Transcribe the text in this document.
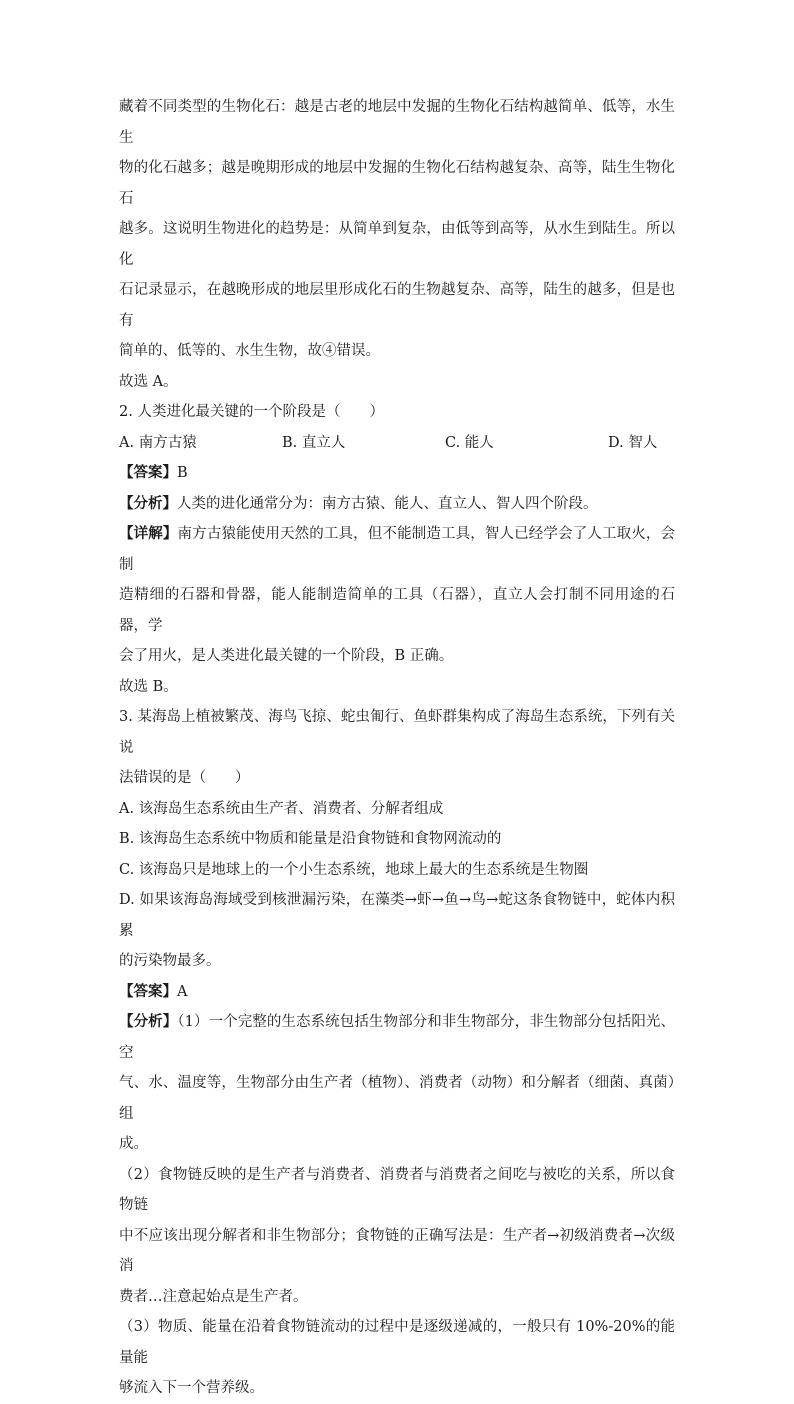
藏着不同类型的生物化石：越是古老的地层中发掘的生物化石结构越简单、低等，水生生

物的化石越多；越是晚期形成的地层中发掘的生物化石结构越复杂、高等，陆生生物化石

越多。这说明生物进化的趋势是：从简单到复杂，由低等到高等，从水生到陆生。所以化

石记录显示，在越晚形成的地层里形成化石的生物越复杂、高等，陆生的越多，但是也有

简单的、低等的、水生生物，故④错误。

故选 A。

2. 人类进化最关键的一个阶段是（　　）

A. 南方古猿	B. 直立人	C. 能人	D. 智人

【答案】B

【分析】人类的进化通常分为：南方古猿、能人、直立人、智人四个阶段。

【详解】南方古猿能使用天然的工具，但不能制造工具，智人已经学会了人工取火，会制

造精细的石器和骨器，能人能制造简单的工具（石器），直立人会打制不同用途的石器，学

会了用火，是人类进化最关键的一个阶段，B 正确。

故选 B。

3. 某海岛上植被繁茂、海鸟飞掠、蛇虫匍行、鱼虾群集构成了海岛生态系统，下列有关说

法错误的是（　　）

A. 该海岛生态系统由生产者、消费者、分解者组成

B. 该海岛生态系统中物质和能量是沿食物链和食物网流动的

C. 该海岛只是地球上的一个小生态系统，地球上最大的生态系统是生物圈

D. 如果该海岛海域受到核泄漏污染，在藻类→虾→鱼→鸟→蛇这条食物链中，蛇体内积累

的污染物最多。

【答案】A

【分析】（1）一个完整的生态系统包括生物部分和非生物部分，非生物部分包括阳光、空

气、水、温度等，生物部分由生产者（植物）、消费者（动物）和分解者（细菌、真菌）组

成。

（2）食物链反映的是生产者与消费者、消费者与消费者之间吃与被吃的关系，所以食物链

中不应该出现分解者和非生物部分；食物链的正确写法是：生产者→初级消费者→次级消

费者…注意起始点是生产者。

（3）物质、能量在沿着食物链流动的过程中是逐级递减的，一般只有 10%-20%的能量能

够流入下一个营养级。
